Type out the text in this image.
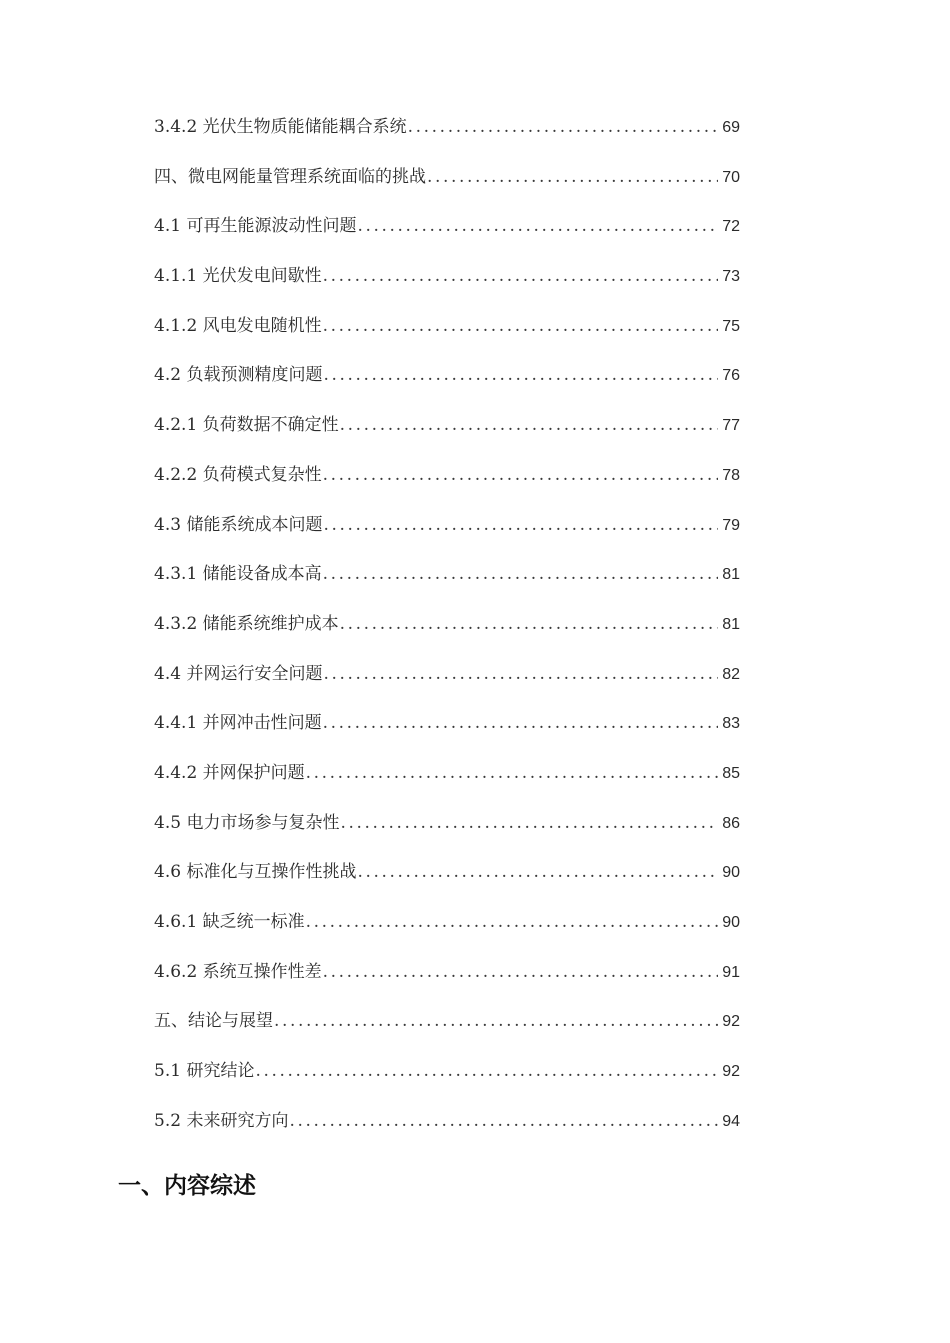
3.4.2 光伏生物质能储能耦合系统 .....	69
四、微电网能量管理系统面临的挑战 .....	70
4.1 可再生能源波动性问题 .....	72
4.1.1 光伏发电间歇性 .....	73
4.1.2 风电发电随机性 .....	75
4.2 负载预测精度问题 .....	76
4.2.1 负荷数据不确定性 .....	77
4.2.2 负荷模式复杂性 .....	78
4.3 储能系统成本问题 .....	79
4.3.1 储能设备成本高 .....	81
4.3.2 储能系统维护成本 .....	81
4.4 并网运行安全问题 .....	82
4.4.1 并网冲击性问题 .....	83
4.4.2 并网保护问题 .....	85
4.5 电力市场参与复杂性 .....	86
4.6 标准化与互操作性挑战 .....	90
4.6.1 缺乏统一标准 .....	90
4.6.2 系统互操作性差 .....	91
五、结论与展望 .....	92
5.1 研究结论 .....	92
5.2 未来研究方向 .....	94
一、内容综述
